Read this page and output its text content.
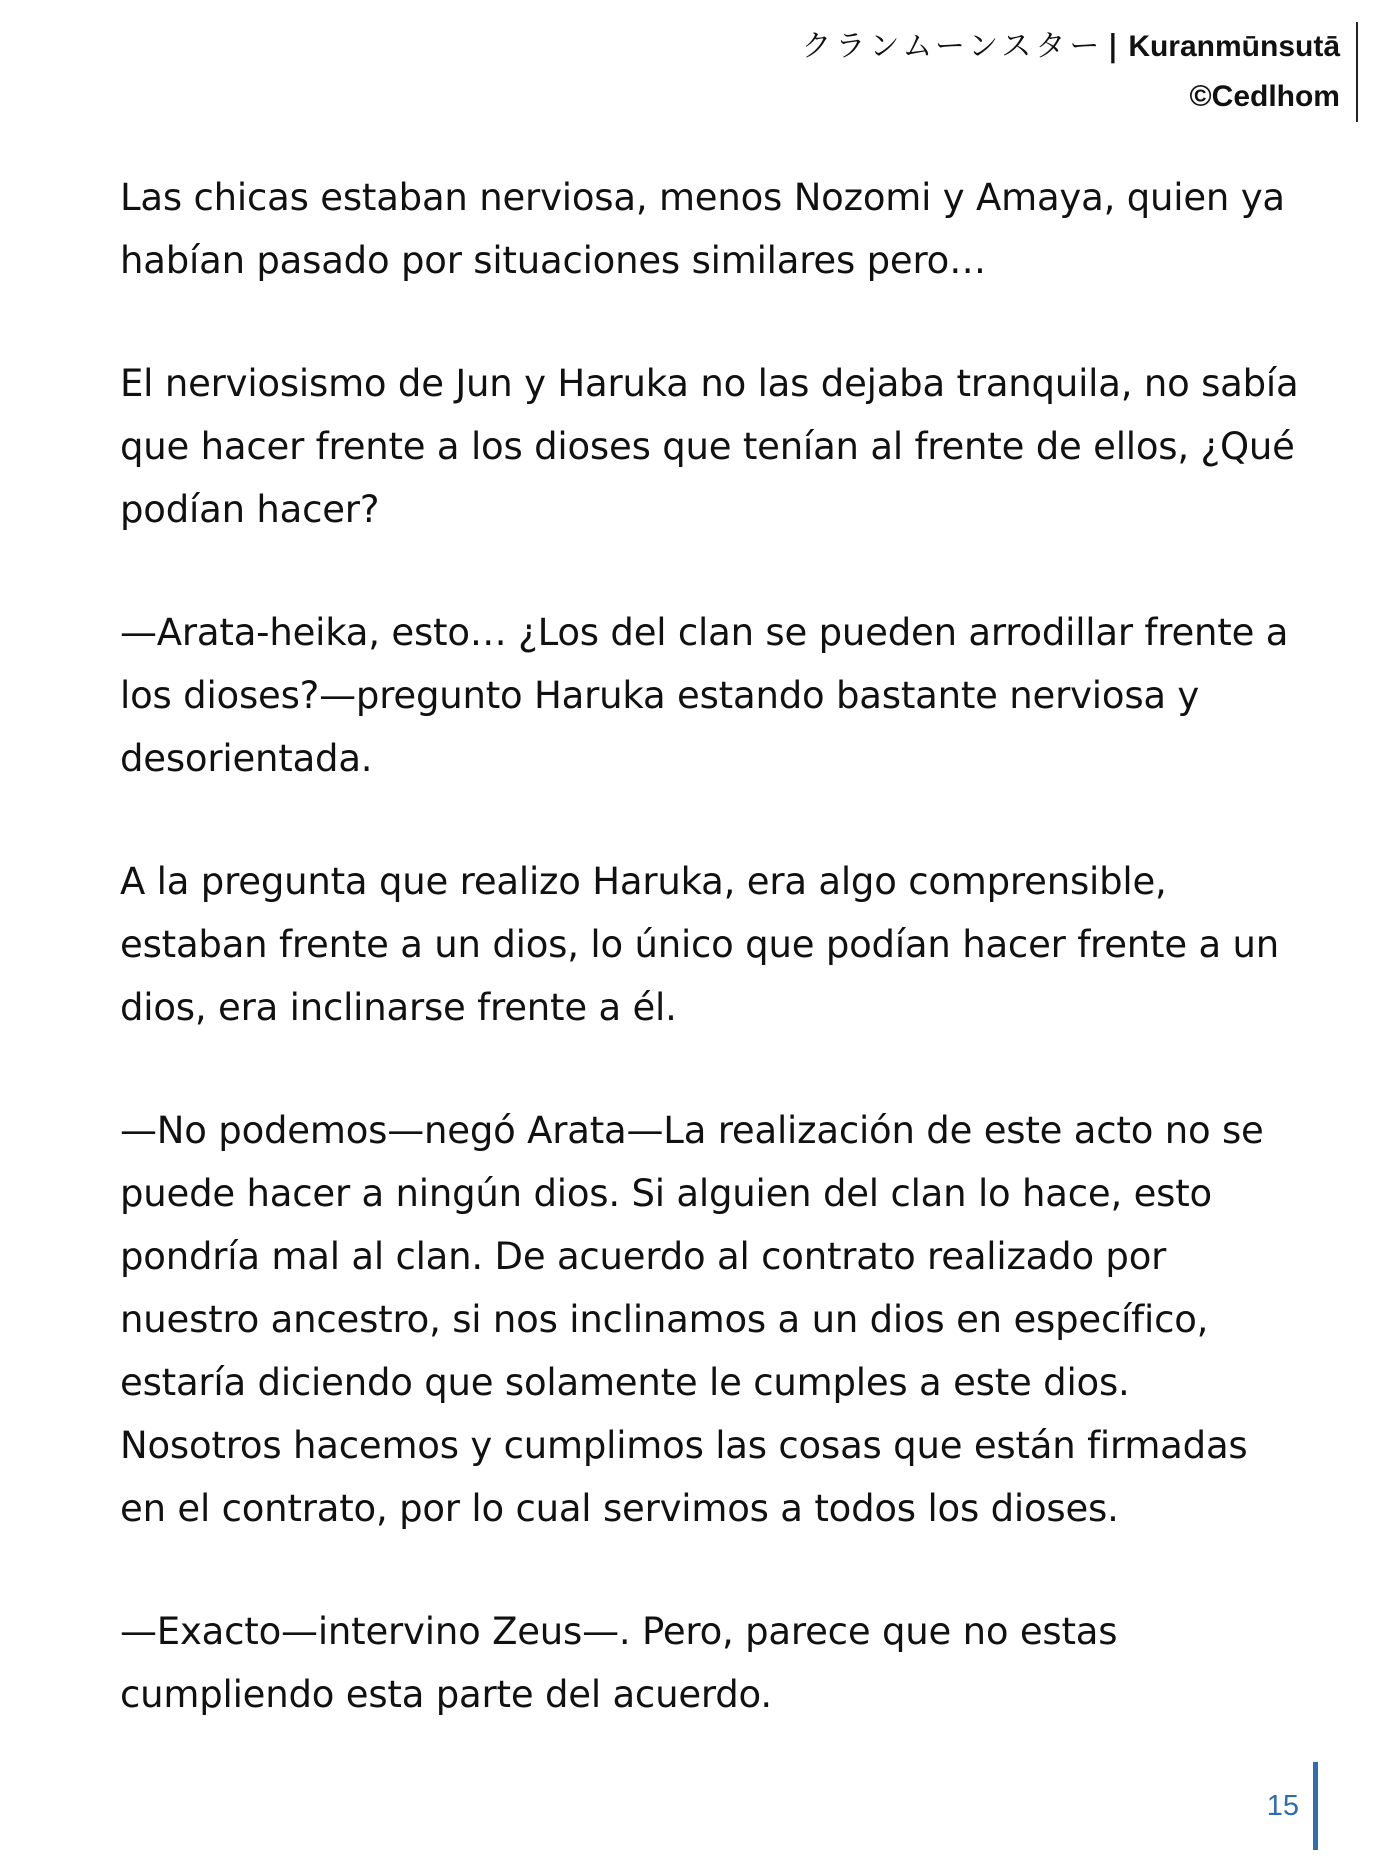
クランムーンスター | Kuranmūnsutā
©Cedlhom

Las chicas estaban nerviosa, menos Nozomi y Amaya, quien ya habían pasado por situaciones similares pero…

El nerviosismo de Jun y Haruka no las dejaba tranquila, no sabía que hacer frente a los dioses que tenían al frente de ellos, ¿Qué podían hacer?

—Arata-heika, esto… ¿Los del clan se pueden arrodillar frente a los dioses?—pregunto Haruka estando bastante nerviosa y desorientada.

A la pregunta que realizo Haruka, era algo comprensible, estaban frente a un dios, lo único que podían hacer frente a un dios, era inclinarse frente a él.

—No podemos—negó Arata—La realización de este acto no se puede hacer a ningún dios. Si alguien del clan lo hace, esto pondría mal al clan. De acuerdo al contrato realizado por nuestro ancestro, si nos inclinamos a un dios en específico, estaría diciendo que solamente le cumples a este dios. Nosotros hacemos y cumplimos las cosas que están firmadas en el contrato, por lo cual servimos a todos los dioses.

—Exacto—intervino Zeus—. Pero, parece que no estas cumpliendo esta parte del acuerdo.

15
